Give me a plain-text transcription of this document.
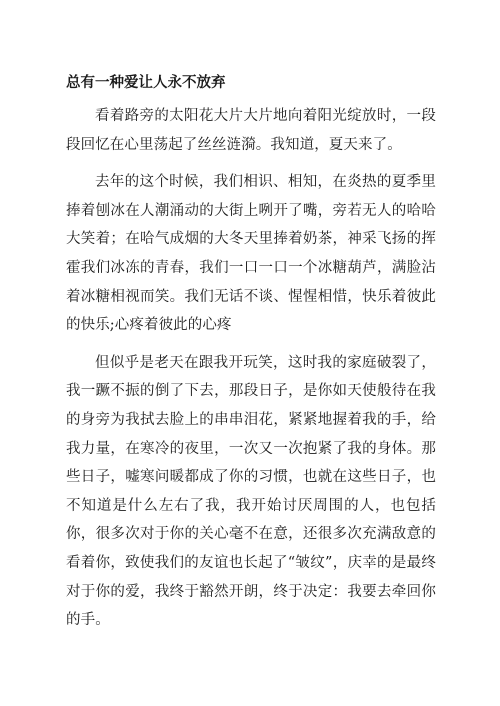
总有一种爱让人永不放弃

看着路旁的太阳花大片大片地向着阳光绽放时，一段段回忆在心里荡起了丝丝涟漪。我知道，夏天来了。

去年的这个时候，我们相识、相知，在炎热的夏季里捧着刨冰在人潮涌动的大街上咧开了嘴，旁若无人的哈哈大笑着；在哈气成烟的大冬天里捧着奶茶，神采飞扬的挥霍我们冰冻的青春，我们一口一口一个冰糖葫芦，满脸沾着冰糖相视而笑。我们无话不谈、惺惺相惜，快乐着彼此的快乐;心疼着彼此的心疼

但似乎是老天在跟我开玩笑，这时我的家庭破裂了，我一蹶不振的倒了下去，那段日子，是你如天使般待在我的身旁为我拭去脸上的串串泪花，紧紧地握着我的手，给我力量，在寒冷的夜里，一次又一次抱紧了我的身体。那些日子，嘘寒问暖都成了你的习惯，也就在这些日子，也不知道是什么左右了我，我开始讨厌周围的人，也包括你，很多次对于你的关心毫不在意，还很多次充满敌意的看着你，致使我们的友谊也长起了“皱纹”，庆幸的是最终对于你的爱，我终于豁然开朗，终于决定：我要去牵回你的手。
